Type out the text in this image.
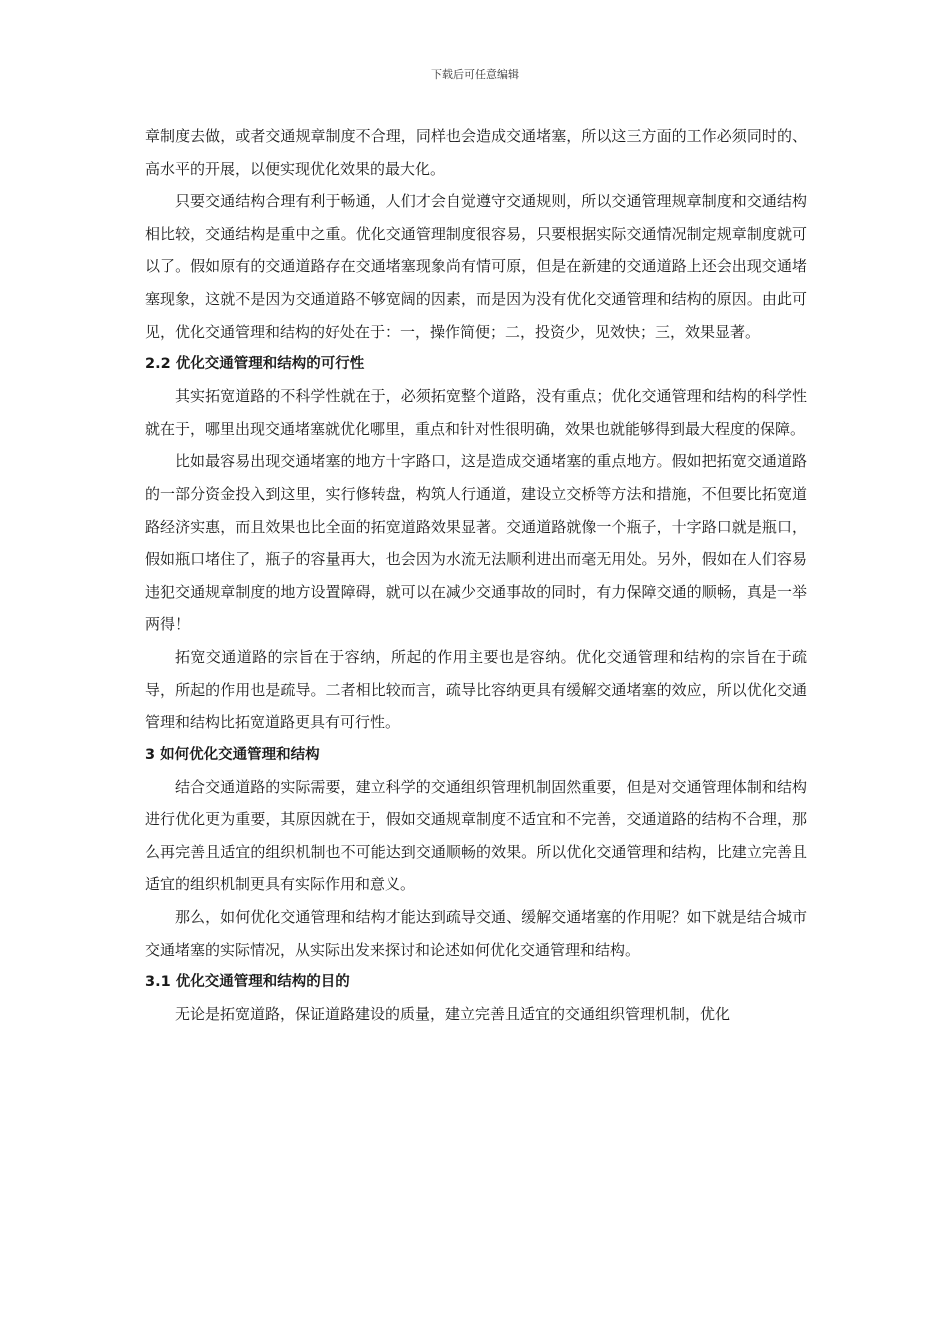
下载后可任意编辑

章制度去做，或者交通规章制度不合理，同样也会造成交通堵塞，所以这三方面的工作必须同时的、高水平的开展，以便实现优化效果的最大化。

只要交通结构合理有利于畅通，人们才会自觉遵守交通规则，所以交通管理规章制度和交通结构相比较，交通结构是重中之重。优化交通管理制度很容易，只要根据实际交通情况制定规章制度就可以了。假如原有的交通道路存在交通堵塞现象尚有情可原，但是在新建的交通道路上还会出现交通堵塞现象，这就不是因为交通道路不够宽阔的因素，而是因为没有优化交通管理和结构的原因。由此可见，优化交通管理和结构的好处在于：一，操作简便；二，投资少，见效快；三，效果显著。

2.2 优化交通管理和结构的可行性

其实拓宽道路的不科学性就在于，必须拓宽整个道路，没有重点；优化交通管理和结构的科学性就在于，哪里出现交通堵塞就优化哪里，重点和针对性很明确，效果也就能够得到最大程度的保障。

比如最容易出现交通堵塞的地方十字路口，这是造成交通堵塞的重点地方。假如把拓宽交通道路的一部分资金投入到这里，实行修转盘，构筑人行通道，建设立交桥等方法和措施，不但要比拓宽道路经济实惠，而且效果也比全面的拓宽道路效果显著。交通道路就像一个瓶子，十字路口就是瓶口，假如瓶口堵住了，瓶子的容量再大，也会因为水流无法顺利进出而毫无用处。另外，假如在人们容易违犯交通规章制度的地方设置障碍，就可以在减少交通事故的同时，有力保障交通的顺畅，真是一举两得！

拓宽交通道路的宗旨在于容纳，所起的作用主要也是容纳。优化交通管理和结构的宗旨在于疏导，所起的作用也是疏导。二者相比较而言，疏导比容纳更具有缓解交通堵塞的效应，所以优化交通管理和结构比拓宽道路更具有可行性。

3 如何优化交通管理和结构

结合交通道路的实际需要，建立科学的交通组织管理机制固然重要，但是对交通管理体制和结构进行优化更为重要，其原因就在于，假如交通规章制度不适宜和不完善，交通道路的结构不合理，那么再完善且适宜的组织机制也不可能达到交通顺畅的效果。所以优化交通管理和结构，比建立完善且适宜的组织机制更具有实际作用和意义。

那么，如何优化交通管理和结构才能达到疏导交通、缓解交通堵塞的作用呢？如下就是结合城市交通堵塞的实际情况，从实际出发来探讨和论述如何优化交通管理和结构。

3.1 优化交通管理和结构的目的

无论是拓宽道路，保证道路建设的质量，建立完善且适宜的交通组织管理机制，优化
